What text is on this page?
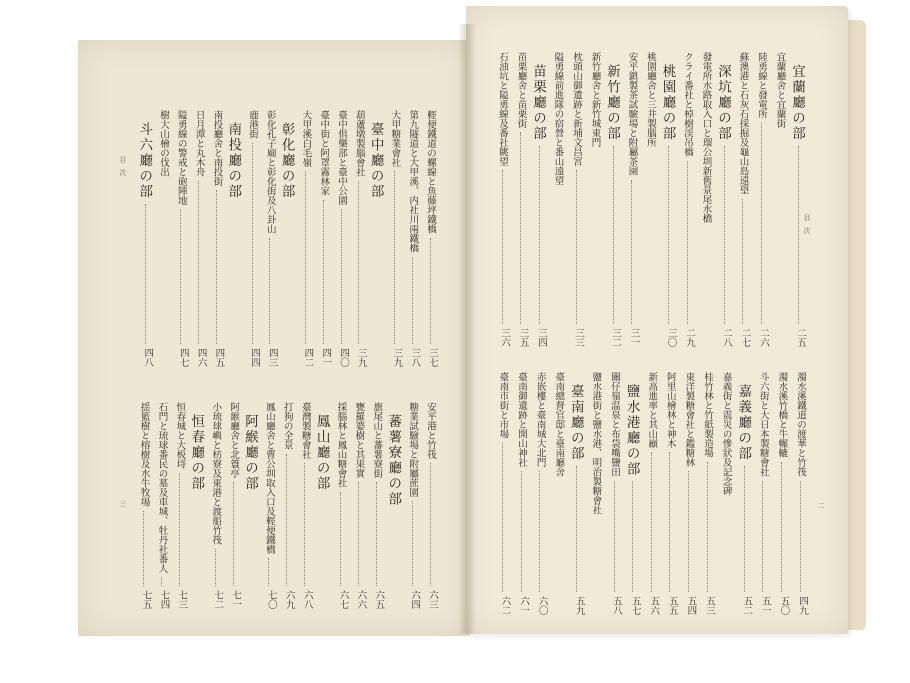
目次
二
目次
三
宜蘭廳の部
二五
宜蘭廳舍と宜蘭街
陸勇線と發電所
二六
蘇澳港と石灰石採掘及龜山島遠望
二七
深坑廳の部
二八
發電所水路取入口と瑠公圳新舊景尾水橋
クライ番社と棹樹渓吊橋
二九
桃園廳の部
三〇
桃園廳舍と三井製腦所
安平鎮製茶試驗場と附屬茶園
三一
新竹廳の部
三二
新竹廳舍と新竹城東門
枕頭山御遺跡と新埔文昌宮
三三
隘勇線前進隊の宿營と番山遠望
苗栗廳の部
三四
苗栗廳舍と苗栗街
三五
石油坑と隘勇線及番社眺望
三六
濁水溪鐵道の渡華と竹筏
四九
濁水溪竹橋と牛輾轆
五〇
斗六街と大日本製糖會社
五一
嘉義廳の部
五二
嘉義街と震災の慘狀及記念碑
桂竹林と竹紙製造場
五三
東洋製糖會社と鑑糖林
五四
阿里山檜林と神木
五五
新高進率と其山巓
五六
鹽水港廳の部
五七
關仔嶺温泉と布袋嘴鹽田
五八
鹽水港街と鹽水港、明治製糖會社
臺南廳の部
五九
臺南總督官邸と臺南廳舍
赤嵌樓と臺南城大北門
六〇
臺南御遺跡と開山神社
六一
臺南市街と市場
六二
輕便鐵道の螺線と魚藤坪鐵橋
三七
第九隧道と大甲溪、内社川兩鐵橋
三八
大甲糖業會社
三九
臺中廳の部
葫蘆墩製腦會社
三九
臺中倶樂部と臺中公園
四〇
臺中街と阿罩霧林家
四一
大甲溪白毛嶺
四二
彰化廳の部
彰化孔子廟と彰化街及八卦山
四三
鹿港街
四四
南投廳の部
南投廳舍と南投街
四五
日月潭と丸木舟
四六
隘勇線の警戒と砲陣地
四七
樹大山檜の伐出
斗六廳の部
四八
安平港と竹筏
六三
糖業試驗場と附屬蔗園
六四
蕃薯寮廳の部
旗尾山と蕃薯寮街
六五
甕羅婆樹と其果實
六六
採腦林と鳳山糖會社
六七
鳳山廳の部
臺灣製糖會社
六八
打狗の全景
六九
鳳山廳舍と曹公圳取入口及輕便鐵橋
七〇
阿緱廳の部
阿緱廳舍と北簑亭
七一
小琉球嶼と枋寮及東港と渡船竹筏
七二
恒春廳の部
恒春城と大板埒
七三
石門と琉球番民の墓及車城、牡丹社番人
七四
揺籃樹と榕樹及水牛牧場
七五
